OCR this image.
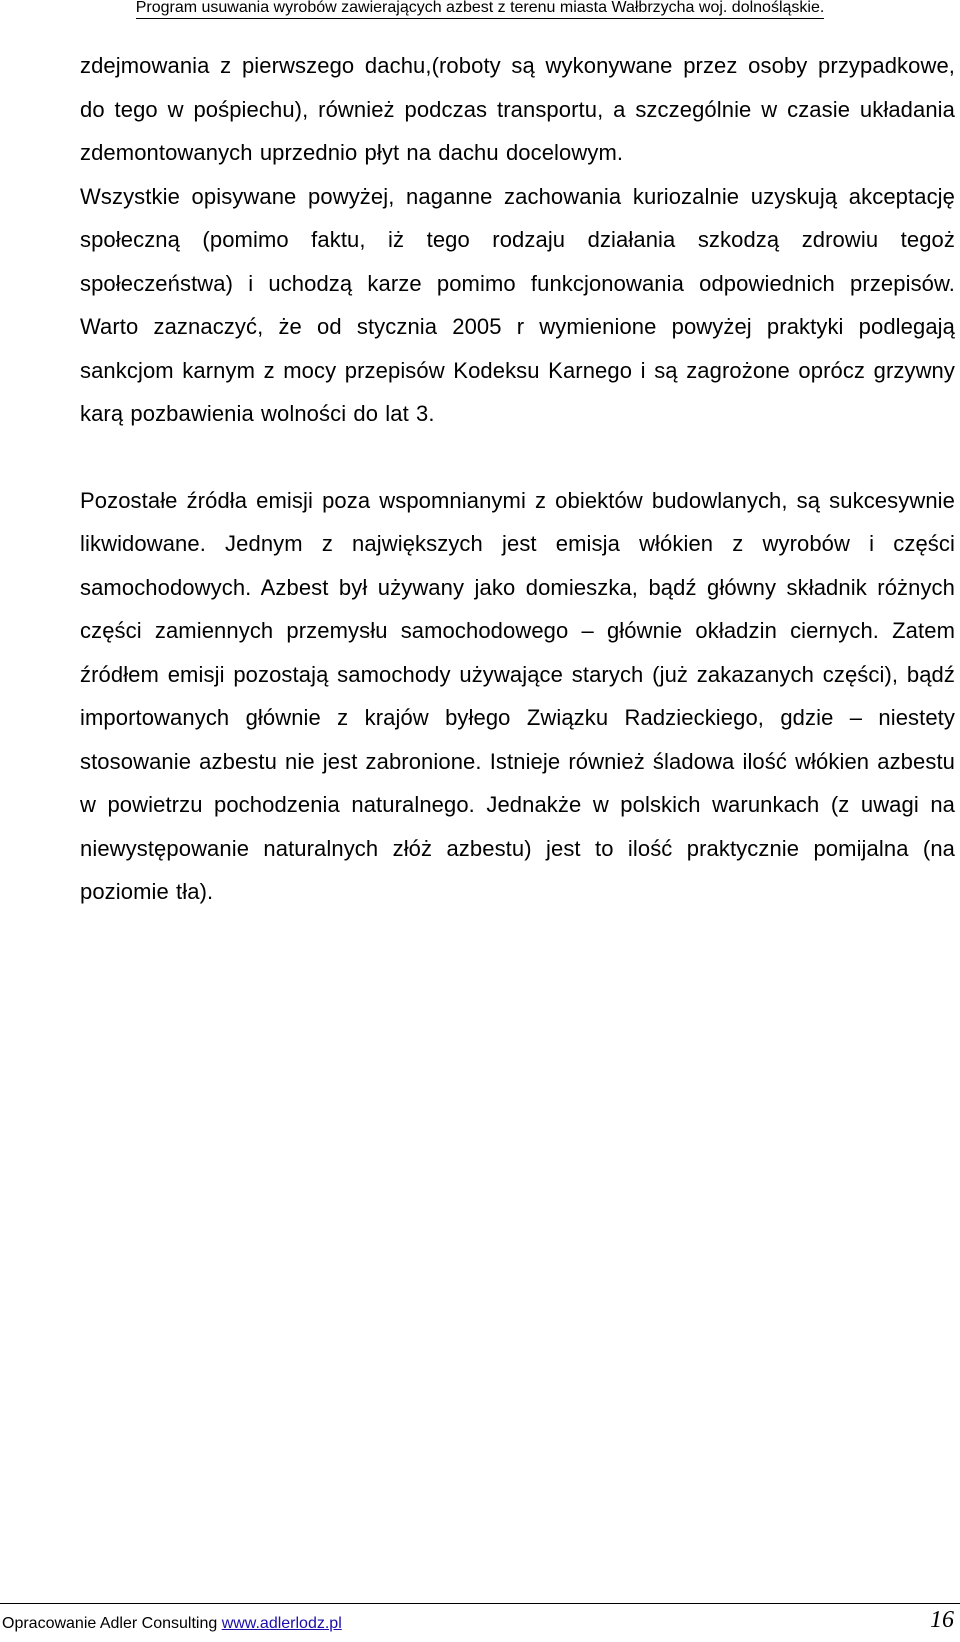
Program usuwania wyrobów zawierających azbest z terenu miasta Wałbrzycha woj. dolnośląskie.

zdejmowania z pierwszego dachu,(roboty są wykonywane przez osoby przypadkowe, do tego w pośpiechu), również podczas transportu, a szczególnie w czasie układania zdemontowanych uprzednio płyt na dachu docelowym.

Wszystkie opisywane powyżej, naganne zachowania kuriozalnie uzyskują akceptację społeczną (pomimo faktu, iż tego rodzaju działania szkodzą zdrowiu tegoż społeczeństwa) i uchodzą karze pomimo funkcjonowania odpowiednich przepisów. Warto zaznaczyć, że od stycznia 2005 r wymienione powyżej praktyki podlegają sankcjom karnym z mocy przepisów Kodeksu Karnego i są zagrożone oprócz grzywny karą pozbawienia wolności do lat 3.

Pozostałe źródła emisji poza wspomnianymi z obiektów budowlanych, są sukcesywnie likwidowane. Jednym z największych jest emisja włókien z wyrobów i części samochodowych. Azbest był używany jako domieszka, bądź główny składnik różnych części zamiennych przemysłu samochodowego – głównie okładzin ciernych. Zatem źródłem emisji pozostają samochody używające starych (już zakazanych części), bądź importowanych głównie z krajów byłego Związku Radzieckiego, gdzie – niestety stosowanie azbestu nie jest zabronione. Istnieje również śladowa ilość włókien azbestu w powietrzu pochodzenia naturalnego. Jednakże w polskich warunkach (z uwagi na niewystępowanie naturalnych złóż azbestu) jest to ilość praktycznie pomijalna (na poziomie tła).

Opracowanie Adler Consulting www.adlerlodz.pl	16
